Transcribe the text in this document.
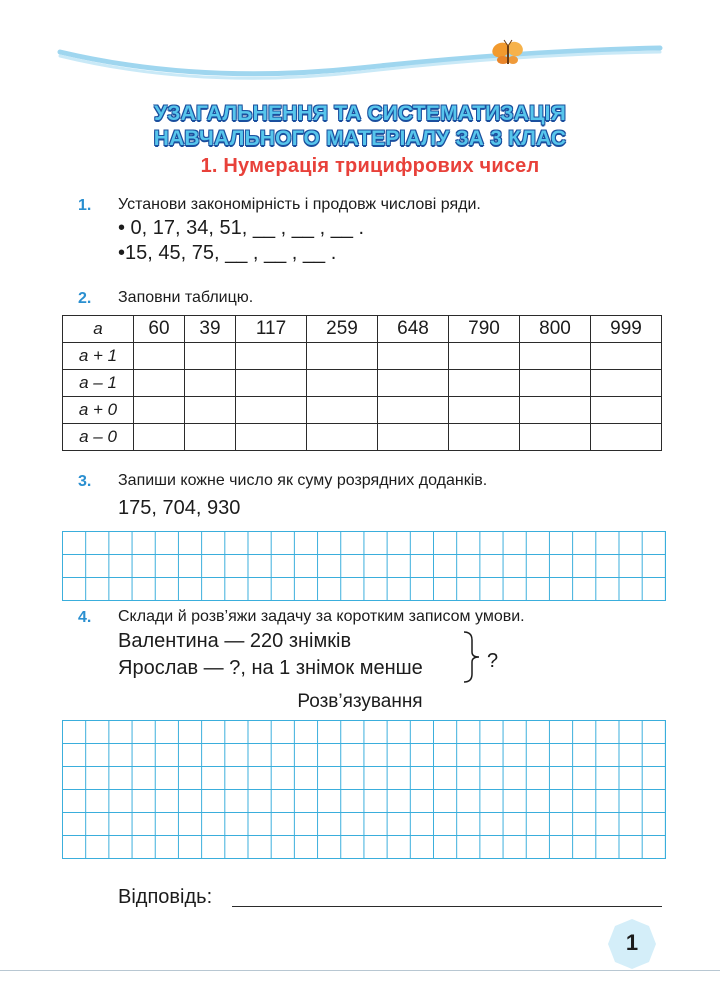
УЗАГАЛЬНЕННЯ ТА СИСТЕМАТИЗАЦІЯ
НАВЧАЛЬНОГО МАТЕРІАЛУ ЗА 3 КЛАС
1. Нумерація трицифрових чисел
1. Установи закономірність і продовж числові ряди.
• 0, 17, 34, 51, __ , __ , __ .
•15, 45, 75, __ , __ , __ .
2. Заповни таблицю.
a	60	39	117	259	648	790	800	999
a + 1								
a – 1								
a + 0								
a – 0								
3. Запиши кожне число як суму розрядних доданків.
175, 704, 930
4. Склади й розв’яжи задачу за коротким записом умови.
Валентина — 220 знімків
Ярослав — ?, на 1 знімок менше	?
Розв’язування
Відповідь:
1
